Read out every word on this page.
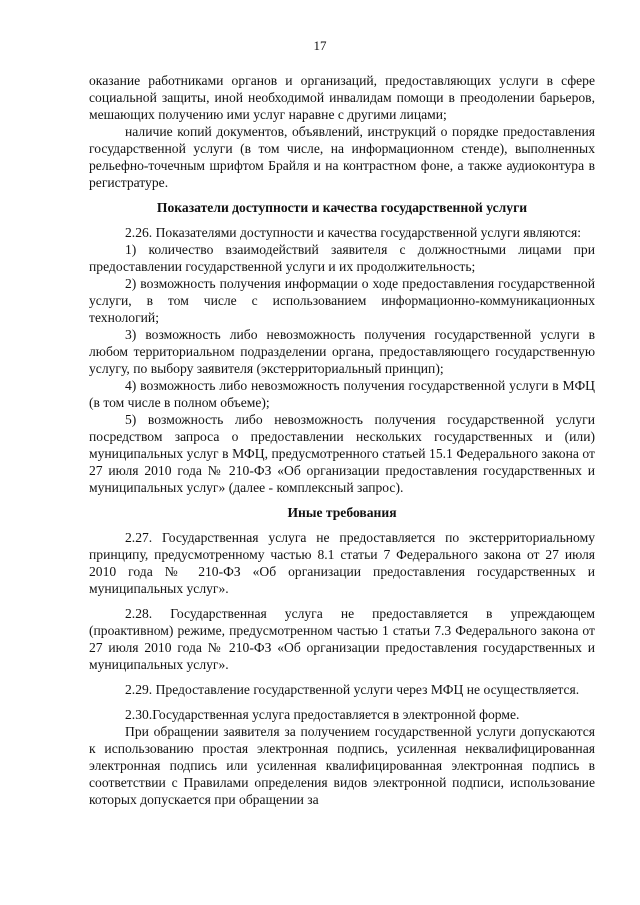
17

оказание работниками органов и организаций, предоставляющих услуги в сфере социальной защиты, иной необходимой инвалидам помощи в преодолении барьеров, мешающих получению ими услуг наравне с другими лицами;

наличие копий документов, объявлений, инструкций о порядке предоставления государственной услуги (в том числе, на информационном стенде), выполненных рельефно-точечным шрифтом Брайля и на контрастном фоне, а также аудиоконтура в регистратуре.

Показатели доступности и качества государственной услуги

2.26. Показателями доступности и качества государственной услуги являются:

1) количество взаимодействий заявителя с должностными лицами при предоставлении государственной услуги и их продолжительность;

2) возможность получения информации о ходе предоставления государственной услуги, в том числе с использованием информационно-коммуникационных технологий;

3) возможность либо невозможность получения государственной услуги в любом территориальном подразделении органа, предоставляющего государственную услугу, по выбору заявителя (экстерриториальный принцип);

4) возможность либо невозможность получения государственной услуги в МФЦ (в том числе в полном объеме);

5) возможность либо невозможность получения государственной услуги посредством запроса о предоставлении нескольких государственных и (или) муниципальных услуг в МФЦ, предусмотренного статьей 15.1 Федерального закона от 27 июля 2010 года № 210-ФЗ «Об организации предоставления государственных и муниципальных услуг» (далее - комплексный запрос).

Иные требования

2.27. Государственная услуга не предоставляется по экстерриториальному принципу, предусмотренному частью 8.1 статьи 7 Федерального закона от 27 июля 2010 года № 210-ФЗ «Об организации предоставления государственных и муниципальных услуг».

2.28. Государственная услуга не предоставляется в упреждающем (проактивном) режиме, предусмотренном частью 1 статьи 7.3 Федерального закона от 27 июля 2010 года № 210-ФЗ «Об организации предоставления государственных и муниципальных услуг».

2.29. Предоставление государственной услуги через МФЦ не осуществляется.

2.30.Государственная услуга предоставляется в электронной форме.

При обращении заявителя за получением государственной услуги допускаются к использованию простая электронная подпись, усиленная неквалифицированная электронная подпись или усиленная квалифицированная электронная подпись в соответствии с Правилами определения видов электронной подписи, использование которых допускается при обращении за
